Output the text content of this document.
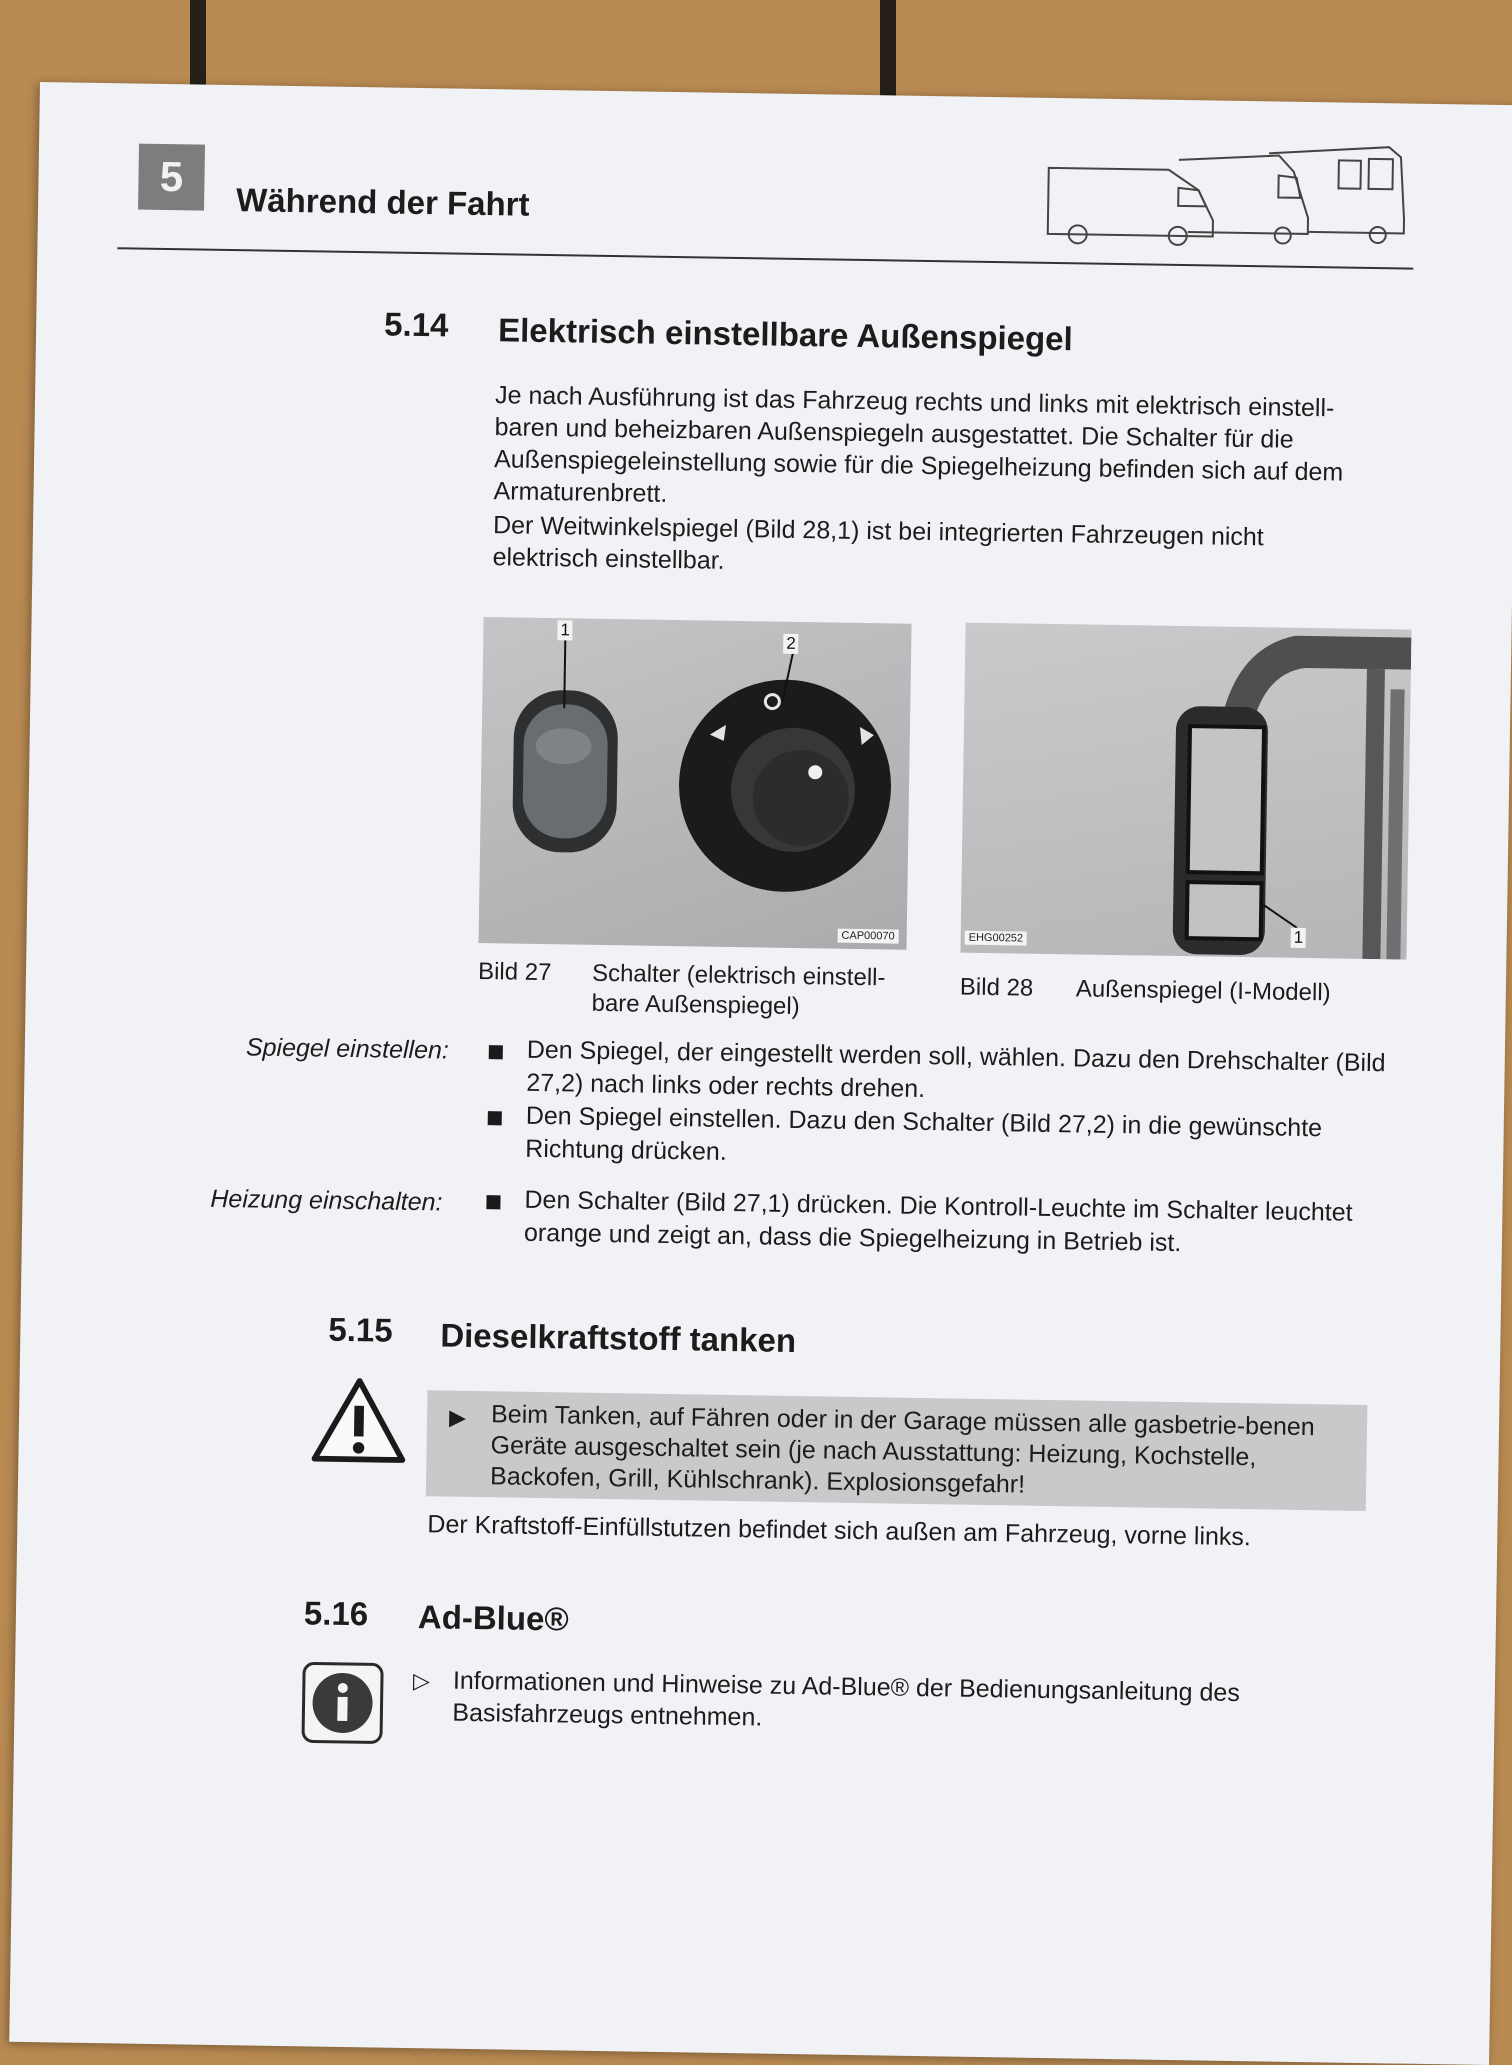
5
Während der Fahrt
5.14 Elektrisch einstellbare Außenspiegel
Je nach Ausführung ist das Fahrzeug rechts und links mit elektrisch einstell-baren und beheizbaren Außenspiegeln ausgestattet. Die Schalter für die Außenspiegeleinstellung sowie für die Spiegelheizung befinden sich auf dem Armaturenbrett.
Der Weitwinkelspiegel (Bild 28,1) ist bei integrierten Fahrzeugen nicht elektrisch einstellbar.
1
2
CAP00070	1
EHG00252
Bild 27 Schalter (elektrisch einstell-bare Außenspiegel)
Bild 28 Außenspiegel (I-Modell)
Spiegel einstellen:	Den Spiegel, der eingestellt werden soll, wählen. Dazu den Drehschalter (Bild 27,2) nach links oder rechts drehen.
Den Spiegel einstellen. Dazu den Schalter (Bild 27,2) in die gewünschte Richtung drücken.
Heizung einschalten:	Den Schalter (Bild 27,1) drücken. Die Kontroll-Leuchte im Schalter leuchtet orange und zeigt an, dass die Spiegelheizung in Betrieb ist.
5.15 Dieselkraftstoff tanken
▶ Beim Tanken, auf Fähren oder in der Garage müssen alle gasbetrie-benen Geräte ausgeschaltet sein (je nach Ausstattung: Heizung, Kochstelle, Backofen, Grill, Kühlschrank). Explosionsgefahr!
Der Kraftstoff-Einfüllstutzen befindet sich außen am Fahrzeug, vorne links.
5.16 Ad-Blue®
▷ Informationen und Hinweise zu Ad-Blue® der Bedienungsanleitung des Basisfahrzeugs entnehmen.
